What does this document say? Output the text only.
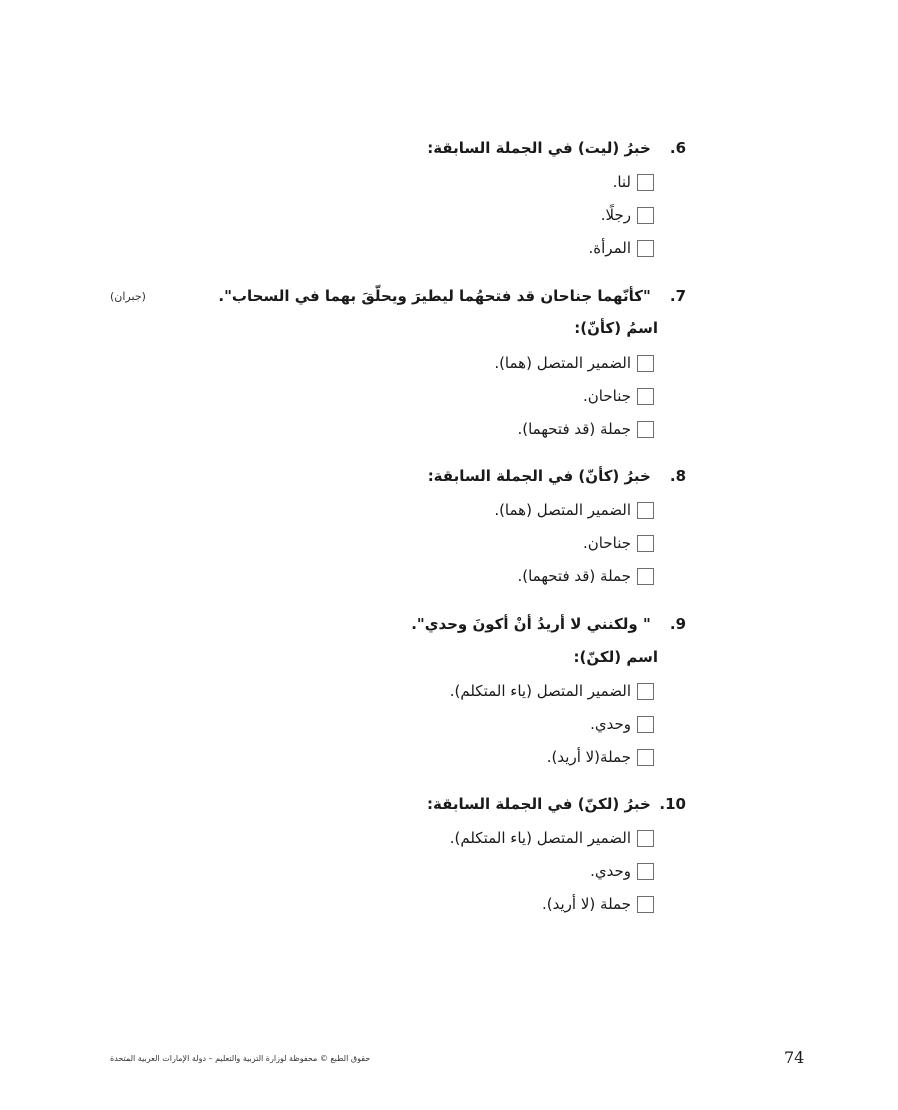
6. خبرُ (ليت) في الجملة السابقة:
لنا.
رجلًا.
المرأة.
7. "كأنّهما جناحان قد فتحهُما ليطيرَ ويحلّقَ بهما في السحاب".
(جبران)
اسمُ (كأنّ):
الضمير المتصل (هما).
جناحان.
جملة (قد فتحهما).
8. خبرُ (كأنّ) في الجملة السابقة:
الضمير المتصل (هما).
جناحان.
جملة (قد فتحهما).
9. " ولكنني لا أريدُ أنْ أكونَ وحدي".
اسم (لكنّ):
الضمير المتصل (ياء المتكلم).
وحدي.
جملة(لا أريد).
10. خبرُ (لكنّ) في الجملة السابقة:
الضمير المتصل (ياء المتكلم).
وحدي.
جملة (لا أريد).
حقوق الطبع © محفوظة لوزارة التربية والتعليم – دولة الإمارات العربية المتحدة	74
